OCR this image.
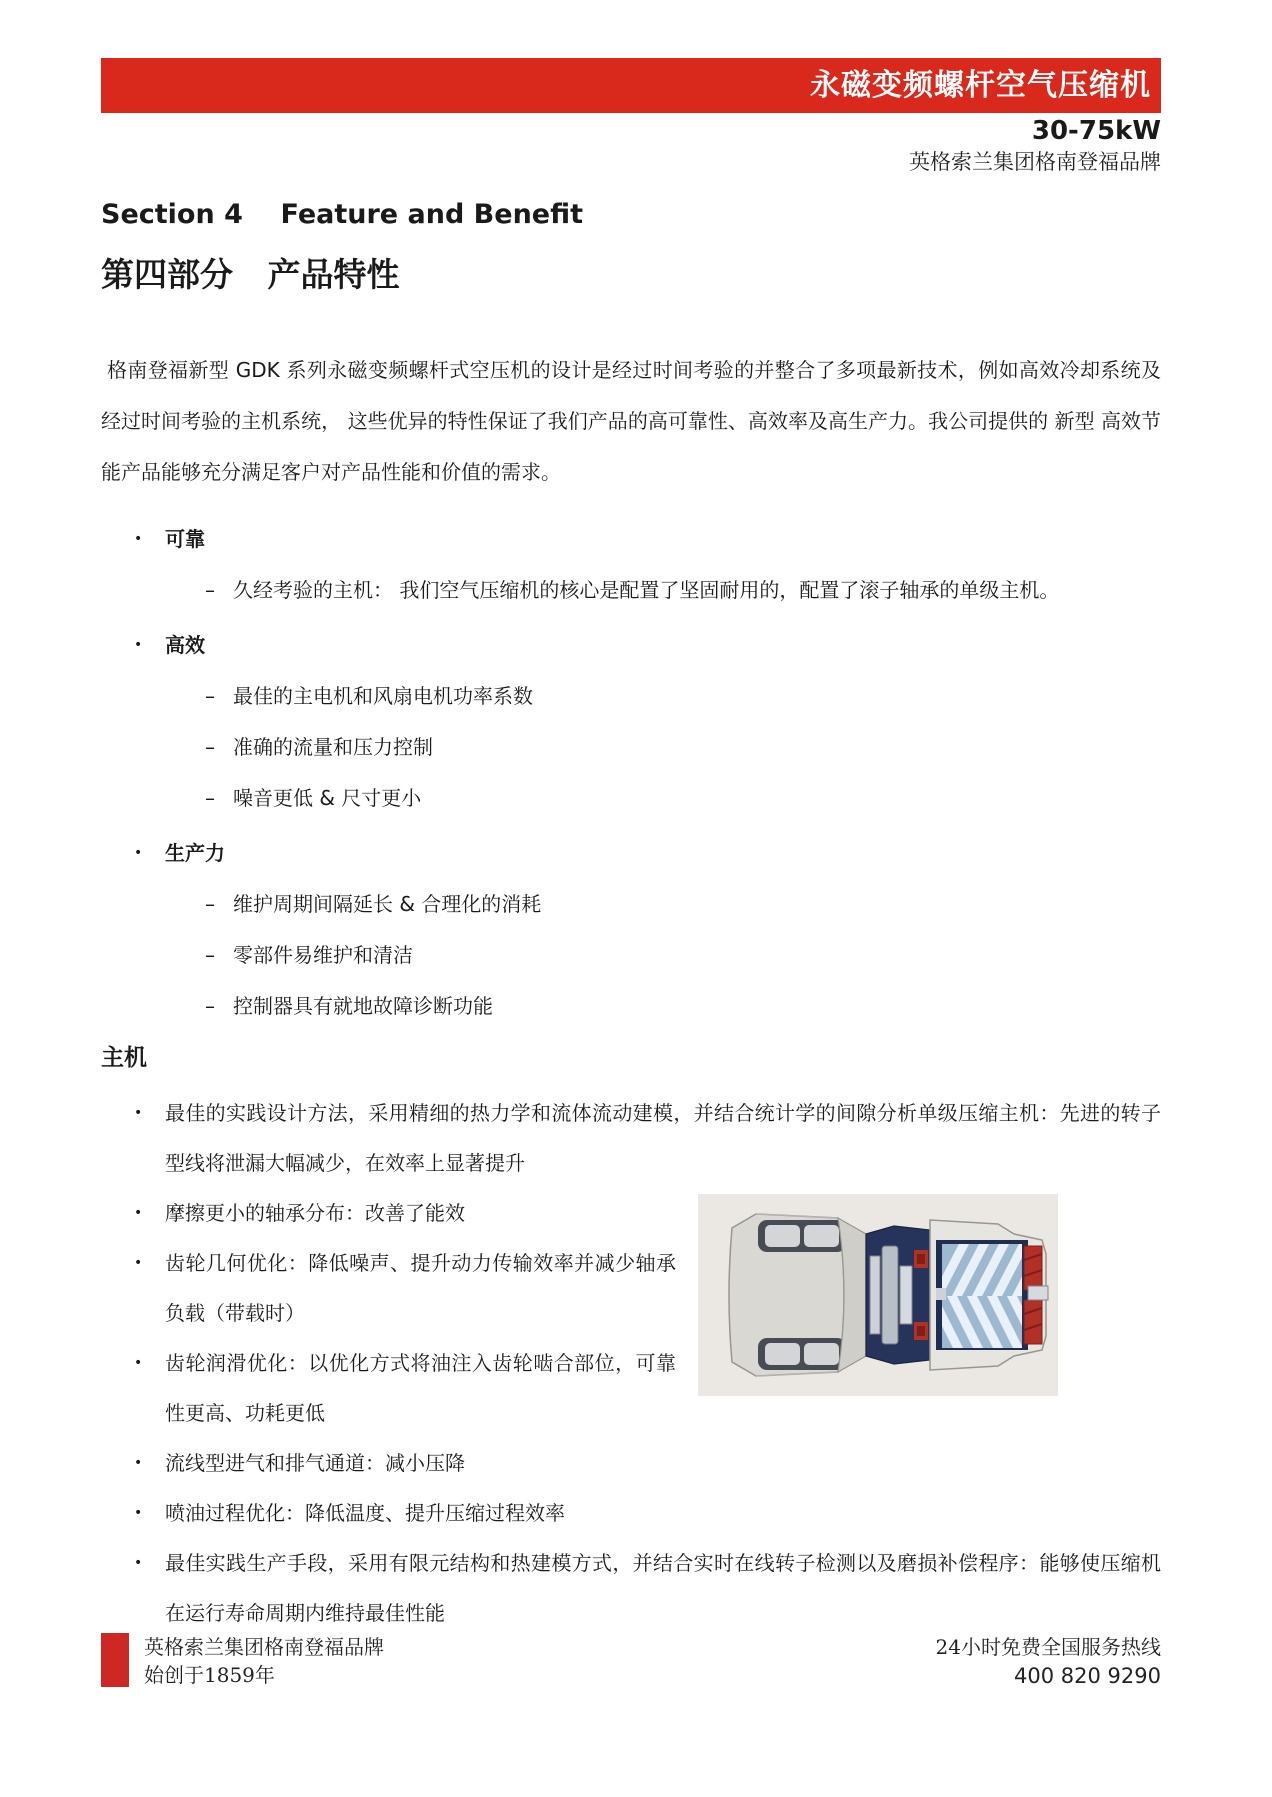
永磁变频螺杆空气压缩机
30-75kW
英格索兰集团格南登福品牌
Section 4    Feature and Benefit
第四部分   产品特性
格南登福新型 GDK 系列永磁变频螺杆式空压机的设计是经过时间考验的并整合了多项最新技术，例如高效冷却系统及经过时间考验的主机系统， 这些优异的特性保证了我们产品的高可靠性、高效率及高生产力。我公司提供的 新型 高效节能产品能够充分满足客户对产品性能和价值的需求。
• 可靠
– 久经考验的主机： 我们空气压缩机的核心是配置了坚固耐用的，配置了滚子轴承的单级主机。
• 高效
– 最佳的主电机和风扇电机功率系数
– 准确的流量和压力控制
– 噪音更低 & 尺寸更小
• 生产力
– 维护周期间隔延长 & 合理化的消耗
– 零部件易维护和清洁
– 控制器具有就地故障诊断功能
主机
• 最佳的实践设计方法，采用精细的热力学和流体流动建模，并结合统计学的间隙分析单级压缩主机：先进的转子型线将泄漏大幅减少，在效率上显著提升
• 摩擦更小的轴承分布：改善了能效
• 齿轮几何优化：降低噪声、提升动力传输效率并减少轴承负载（带载时）
• 齿轮润滑优化：以优化方式将油注入齿轮啮合部位，可靠性更高、功耗更低
• 流线型进气和排气通道：减小压降
• 喷油过程优化：降低温度、提升压缩过程效率
• 最佳实践生产手段，采用有限元结构和热建模方式，并结合实时在线转子检测以及磨损补偿程序：能够使压缩机在运行寿命周期内维持最佳性能
英格索兰集团格南登福品牌
始创于1859年
24小时免费全国服务热线
400 820 9290
